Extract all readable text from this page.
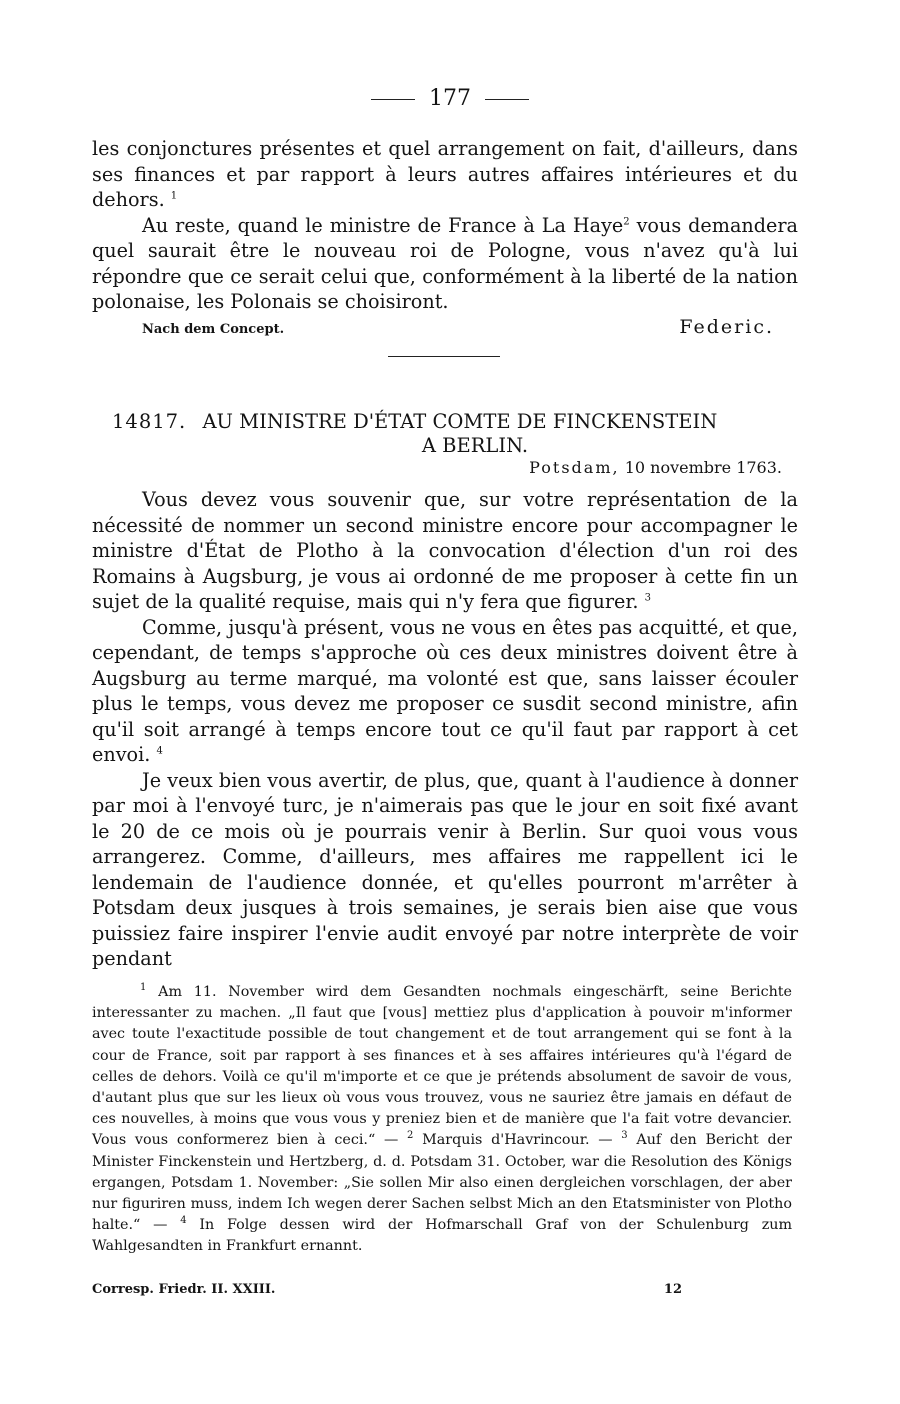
177

les conjonctures présentes et quel arrangement on fait, d'ailleurs, dans ses finances et par rapport à leurs autres affaires intérieures et du dehors. $^1$

Au reste, quand le ministre de France à La Haye$^2$ vous demandera quel saurait être le nouveau roi de Pologne, vous n'avez qu'à lui répondre que ce serait celui que, conformément à la liberté de la nation polonaise, les Polonais se choisiront.

Nach dem Concept.	Federic.
14817. AU MINISTRE D'ÉTAT COMTE DE FINCKENSTEIN
A BERLIN.
Potsdam, 10 novembre 1763.

Vous devez vous souvenir que, sur votre représentation de la nécessité de nommer un second ministre encore pour accompagner le ministre d'État de Plotho à la convocation d'élection d'un roi des Romains à Augsburg, je vous ai ordonné de me proposer à cette fin un sujet de la qualité requise, mais qui n'y fera que figurer. $^3$

Comme, jusqu'à présent, vous ne vous en êtes pas acquitté, et que, cependant, de temps s'approche où ces deux ministres doivent être à Augsburg au terme marqué, ma volonté est que, sans laisser écouler plus le temps, vous devez me proposer ce susdit second ministre, afin qu'il soit arrangé à temps encore tout ce qu'il faut par rapport à cet envoi. $^4$

Je veux bien vous avertir, de plus, que, quant à l'audience à donner par moi à l'envoyé turc, je n'aimerais pas que le jour en soit fixé avant le 20 de ce mois où je pourrais venir à Berlin. Sur quoi vous vous arrangerez. Comme, d'ailleurs, mes affaires me rappellent ici le lendemain de l'audience donnée, et qu'elles pourront m'arrêter à Potsdam deux jusques à trois semaines, je serais bien aise que vous puissiez faire inspirer l'envie audit envoyé par notre interprète de voir pendant

$^1$ Am 11. November wird dem Gesandten nochmals eingeschärft, seine Berichte interessanter zu machen. „Il faut que [vous] mettiez plus d'application à pouvoir m'informer avec toute l'exactitude possible de tout changement et de tout arrangement qui se font à la cour de France, soit par rapport à ses finances et à ses affaires intérieures qu'à l'égard de celles de dehors. Voilà ce qu'il m'importe et ce que je prétends absolument de savoir de vous, d'autant plus que sur les lieux où vous vous trouvez, vous ne sauriez être jamais en défaut de ces nouvelles, à moins que vous vous y preniez bien et de manière que l'a fait votre devancier. Vous vous conformerez bien à ceci.“ — $^2$ Marquis d'Havrincour. — $^3$ Auf den Bericht der Minister Finckenstein und Hertzberg, d. d. Potsdam 31. October, war die Resolution des Königs ergangen, Potsdam 1. November: „Sie sollen Mir also einen dergleichen vorschlagen, der aber nur figuriren muss, indem Ich wegen derer Sachen selbst Mich an den Etatsminister von Plotho halte.“ — $^4$ In Folge dessen wird der Hofmarschall Graf von der Schulenburg zum Wahlgesandten in Frankfurt ernannt.

Corresp. Friedr. II. XXIII.	12
